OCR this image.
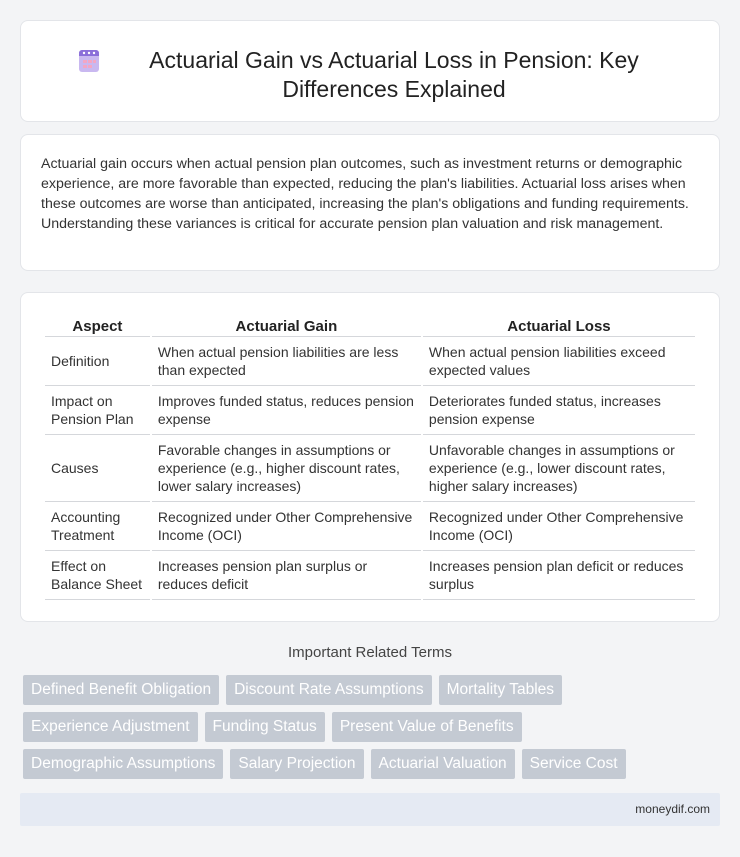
Actuarial Gain vs Actuarial Loss in Pension: Key Differences Explained

Actuarial gain occurs when actual pension plan outcomes, such as investment returns or demographic experience, are more favorable than expected, reducing the plan's liabilities. Actuarial loss arises when these outcomes are worse than anticipated, increasing the plan's obligations and funding requirements. Understanding these variances is critical for accurate pension plan valuation and risk management.

Aspect	Actuarial Gain	Actuarial Loss
Definition	When actual pension liabilities are less than expected	When actual pension liabilities exceed expected values
Impact on Pension Plan	Improves funded status, reduces pension expense	Deteriorates funded status, increases pension expense
Causes	Favorable changes in assumptions or experience (e.g., higher discount rates, lower salary increases)	Unfavorable changes in assumptions or experience (e.g., lower discount rates, higher salary increases)
Accounting Treatment	Recognized under Other Comprehensive Income (OCI)	Recognized under Other Comprehensive Income (OCI)
Effect on Balance Sheet	Increases pension plan surplus or reduces deficit	Increases pension plan deficit or reduces surplus
Important Related Terms
Defined Benefit Obligation	Discount Rate Assumptions	Mortality Tables
Experience Adjustment	Funding Status	Present Value of Benefits
Demographic Assumptions	Salary Projection	Actuarial Valuation	Service Cost
moneydif.com
